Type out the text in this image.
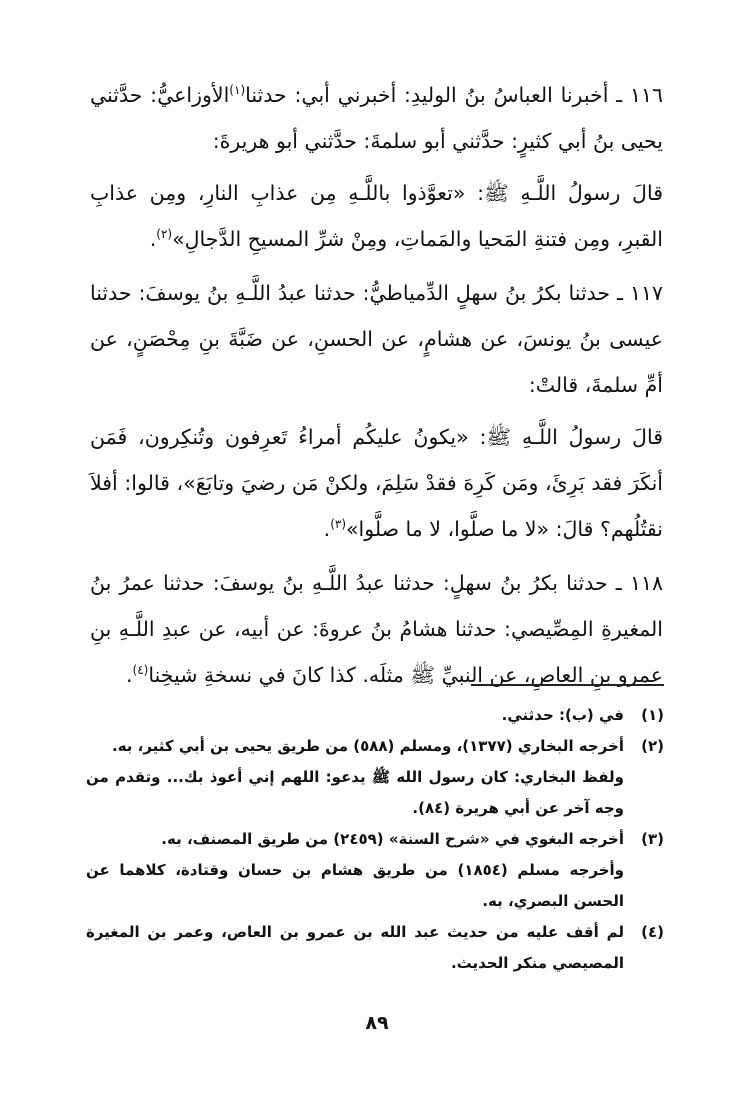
١١٦ ـ أخبرنا العباسُ بنُ الوليدِ: أخبرني أبي: حدثنا$^{(١)}$الأوزاعيُّ: حدَّثني يحيى بنُ أبي كثيرٍ: حدَّثني أبو سلمةَ: حدَّثني أبو هريرةَ:

قالَ رسولُ اللَّـهِ ﷺ: «تعوَّذوا باللَّـهِ مِن عذابِ النارِ، ومِن عذابِ القبرِ، ومِن فتنةِ المَحيا والمَماتِ، ومِنْ شرِّ المسيحِ الدَّجالِ»$^{(٢)}$.

١١٧ ـ حدثنا بكرُ بنُ سهلٍ الدِّمياطيُّ: حدثنا عبدُ اللَّـهِ بنُ يوسفَ: حدثنا عيسى بنُ يونسَ، عن هشامٍ، عن الحسنِ، عن ضَبَّةَ بنِ مِحْصَنٍ، عن أمِّ سلمةَ، قالتْ:

قالَ رسولُ اللَّـهِ ﷺ: «يكونُ عليكُم أمراءُ تَعرِفون وتُنكِرون، فَمَن أنكَرَ فقد بَرِئَ، ومَن كَرِهَ فقدْ سَلِمَ، ولكنْ مَن رضيَ وتابَعَ»، قالوا: أفلاَ نقتُلُهم؟ قالَ: «لا ما صلَّوا، لا ما صلَّوا»$^{(٣)}$.

١١٨ ـ حدثنا بكرُ بنُ سهلٍ: حدثنا عبدُ اللَّـهِ بنُ يوسفَ: حدثنا عمرُ بنُ المغيرةِ المِصِّيصي: حدثنا هشامُ بنُ عروةَ: عن أبيه، عن عبدِ اللَّـهِ بنِ عمرو بنِ العاصِ، عن النبيِّ ﷺ مثلَه. كذا كانَ في نسخةِ شيخِنا$^{(٤)}$.

(١)
في (ب): حدثني.
(٢)
أخرجه البخاري (١٣٧٧)، ومسلم (٥٨٨) من طريق يحيى بن أبي كثير، به.
ولفظ البخاري: كان رسول الله ﷺ يدعو: اللهم إني أعوذ بك... وتقدم من وجه آخر عن أبي هريرة (٨٤).
(٣)
أخرجه البغوي في «شرح السنة» (٢٤٥٩) من طريق المصنف، به.
وأخرجه مسلم (١٨٥٤) من طريق هشام بن حسان وقتادة، كلاهما عن الحسن البصري، به.
(٤)
لم أقف عليه من حديث عبد الله بن عمرو بن العاص، وعمر بن المغيرة المصيصي منكر الحديث.
٨٩
